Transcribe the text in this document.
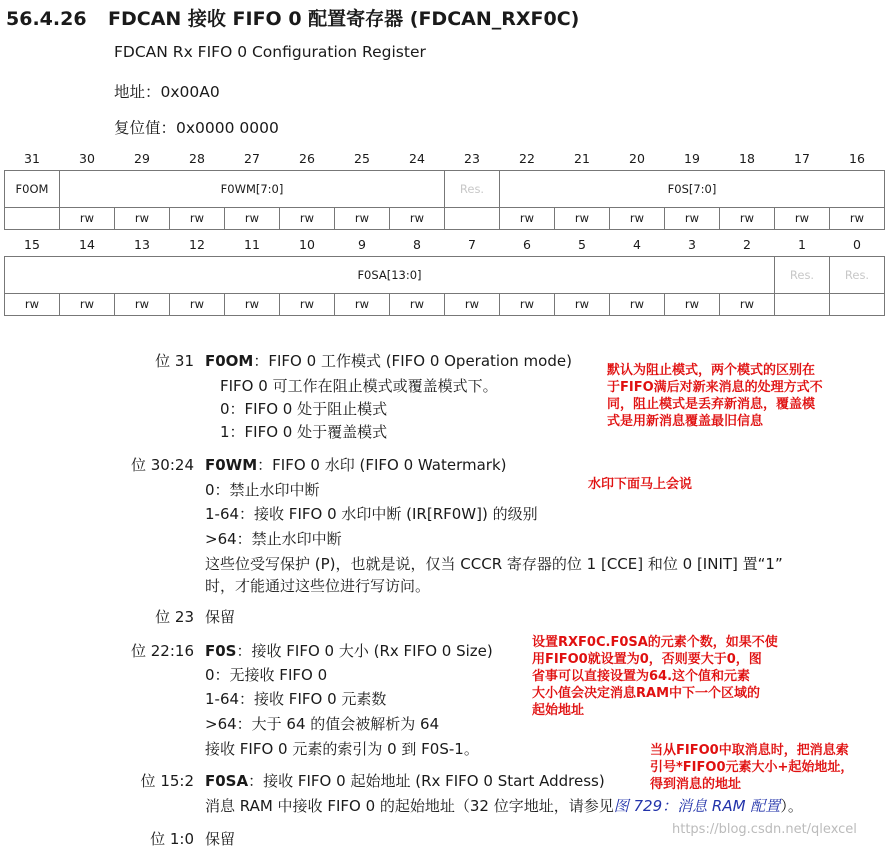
56.4.26 FDCAN 接收 FIFO 0 配置寄存器 (FDCAN_RXF0C)
FDCAN Rx FIFO 0 Configuration Register
地址：0x00A0
复位值：0x0000 0000
31	30	29	28	27	26	25	24	23	22	21	20	19	18	17	16
F0OM	F0WM[7:0]							Res.	F0S[7:0]						
	rw	rw	rw	rw	rw	rw	rw		rw	rw	rw	rw	rw	rw	rw
15	14	13	12	11	10	9	8	7	6	5	4	3	2	1	0
F0SA[13:0]														Res.	Res.
rw	rw	rw	rw	rw	rw	rw	rw	rw	rw	rw	rw	rw	rw		
位 31 F0OM：FIFO 0 工作模式 (FIFO 0 Operation mode)
FIFO 0 可工作在阻止模式或覆盖模式下。
0：FIFO 0 处于阻止模式
1：FIFO 0 处于覆盖模式
位 30:24 F0WM：FIFO 0 水印 (FIFO 0 Watermark)
0：禁止水印中断
1-64：接收 FIFO 0 水印中断 (IR[RF0W]) 的级别
>64：禁止水印中断
这些位受写保护 (P)，也就是说，仅当 CCCR 寄存器的位 1 [CCE] 和位 0 [INIT] 置“1”
时，才能通过这些位进行写访问。
位 23 保留
位 22:16 F0S：接收 FIFO 0 大小 (Rx FIFO 0 Size)
0：无接收 FIFO 0
1-64：接收 FIFO 0 元素数
>64：大于 64 的值会被解析为 64
接收 FIFO 0 元素的索引为 0 到 F0S-1。
位 15:2 F0SA：接收 FIFO 0 起始地址 (Rx FIFO 0 Start Address)
消息 RAM 中接收 FIFO 0 的起始地址（32 位字地址，请参见图 729：消息 RAM 配置）。
位 1:0 保留
默认为阻止模式，两个模式的区别在
于FIFO满后对新来消息的处理方式不
同，阻止模式是丢弃新消息，覆盖模
式是用新消息覆盖最旧信息
水印下面马上会说
设置RXF0C.F0SA的元素个数，如果不使
用FIFO0就设置为0，否则要大于0，图
省事可以直接设置为64.这个值和元素
大小值会决定消息RAM中下一个区域的
起始地址
当从FIFO0中取消息时，把消息索
引号*FIFO0元素大小+起始地址，
得到消息的地址
https://blog.csdn.net/qlexcel
